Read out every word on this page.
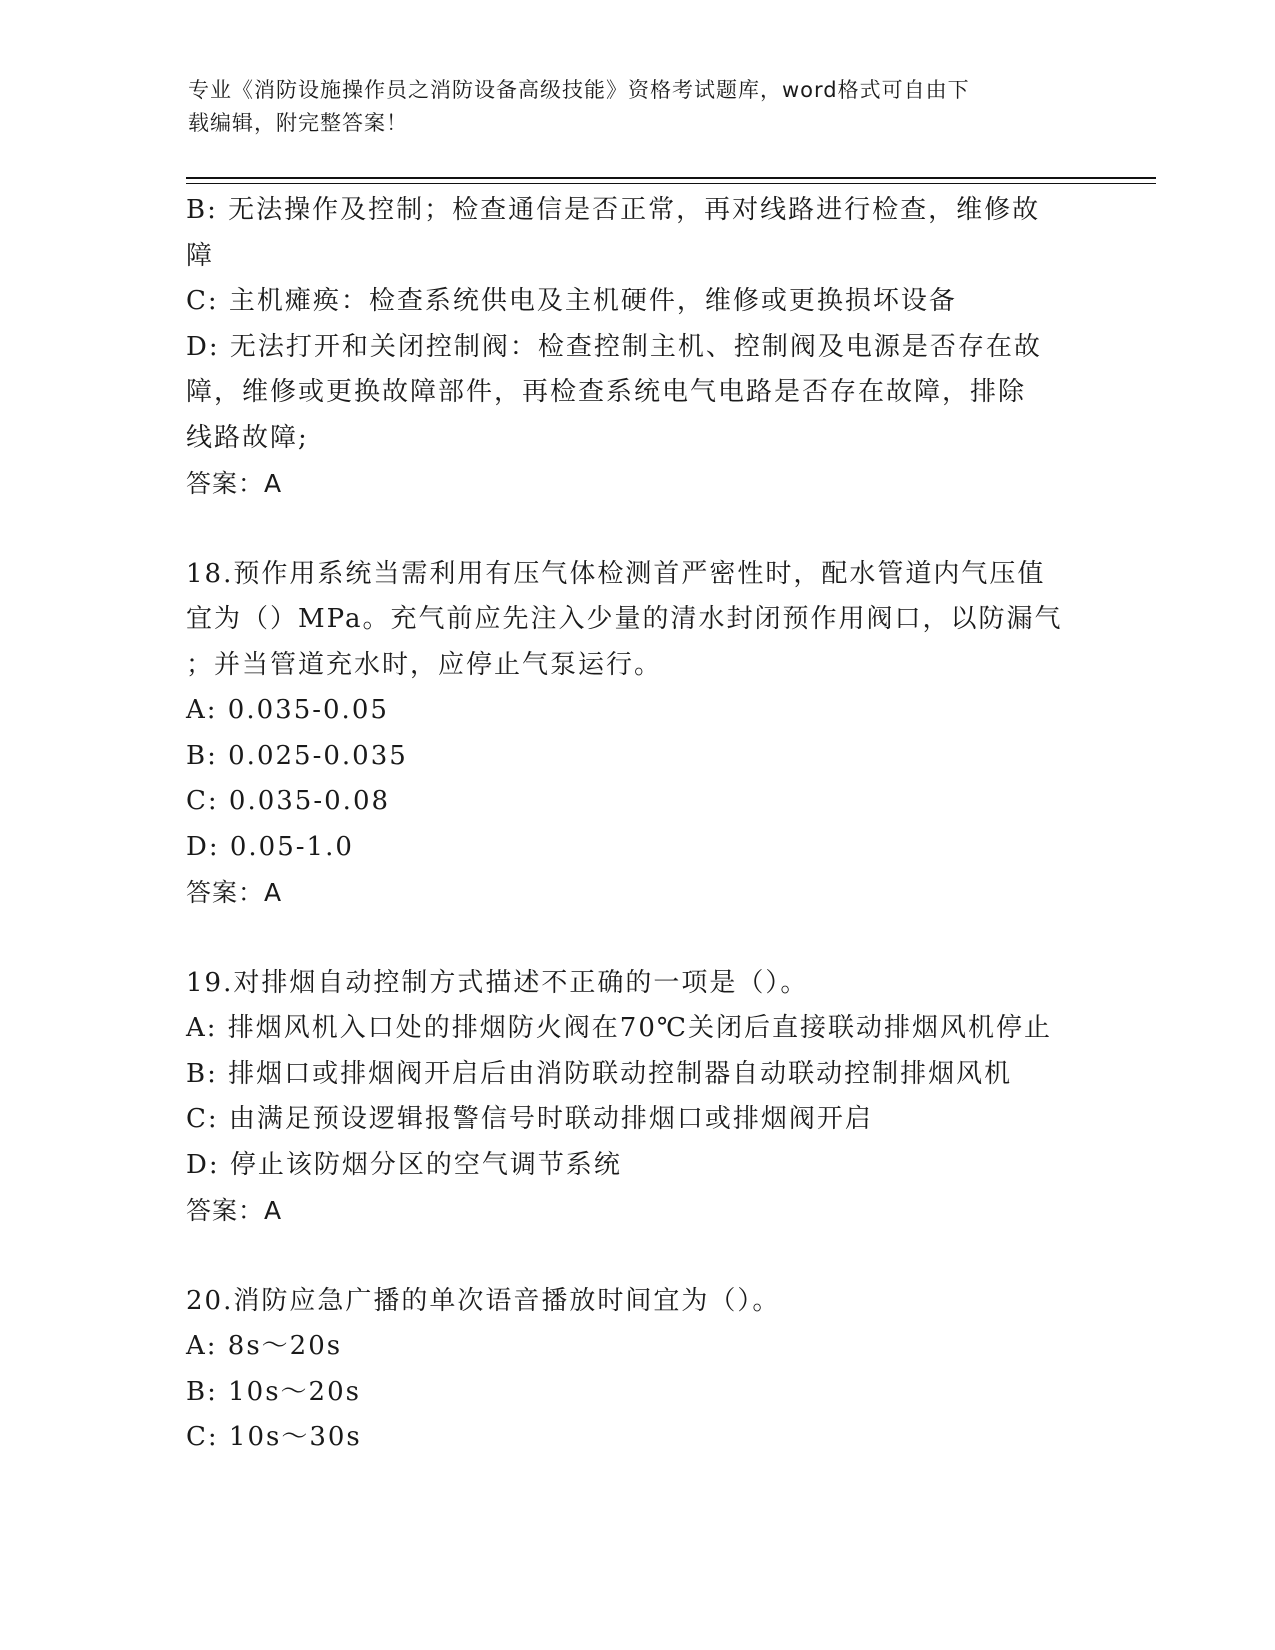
专业《消防设施操作员之消防设备高级技能》资格考试题库，word格式可自由下
载编辑，附完整答案！

B: 无法操作及控制；检查通信是否正常，再对线路进行检查，维修故

障

C: 主机瘫痪：检查系统供电及主机硬件，维修或更换损坏设备

D: 无法打开和关闭控制阀：检查控制主机、控制阀及电源是否存在故

障，维修或更换故障部件，再检查系统电气电路是否存在故障，排除

线路故障;

答案：A

18.预作用系统当需利用有压气体检测首严密性时，配水管道内气压值

宜为（）MPa。充气前应先注入少量的清水封闭预作用阀口，以防漏气

；并当管道充水时，应停止气泵运行。

A: 0.035-0.05

B: 0.025-0.035

C: 0.035-0.08

D: 0.05-1.0

答案：A

19.对排烟自动控制方式描述不正确的一项是（）。

A: 排烟风机入口处的排烟防火阀在70℃关闭后直接联动排烟风机停止

B: 排烟口或排烟阀开启后由消防联动控制器自动联动控制排烟风机

C: 由满足预设逻辑报警信号时联动排烟口或排烟阀开启

D: 停止该防烟分区的空气调节系统

答案：A

20.消防应急广播的单次语音播放时间宜为（）。

A: 8s～20s

B: 10s～20s

C: 10s～30s
